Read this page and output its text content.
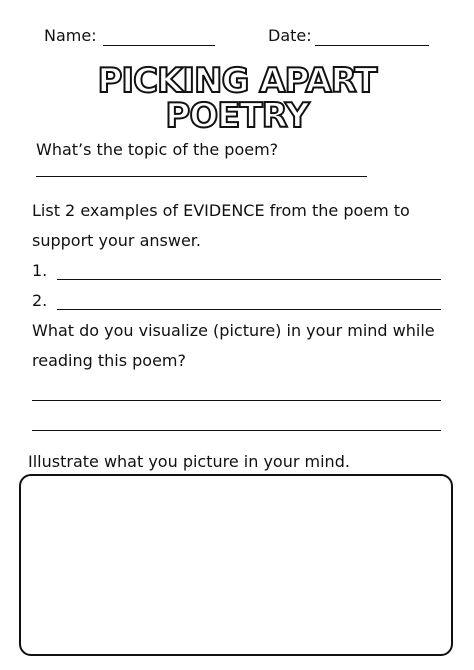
Name:	Date:
PICKING APART
POETRY
What’s the topic of the poem?
List 2 examples of EVIDENCE from the poem to
support your answer.
1.
2.
What do you visualize (picture) in your mind while
reading this poem?
Illustrate what you picture in your mind.
